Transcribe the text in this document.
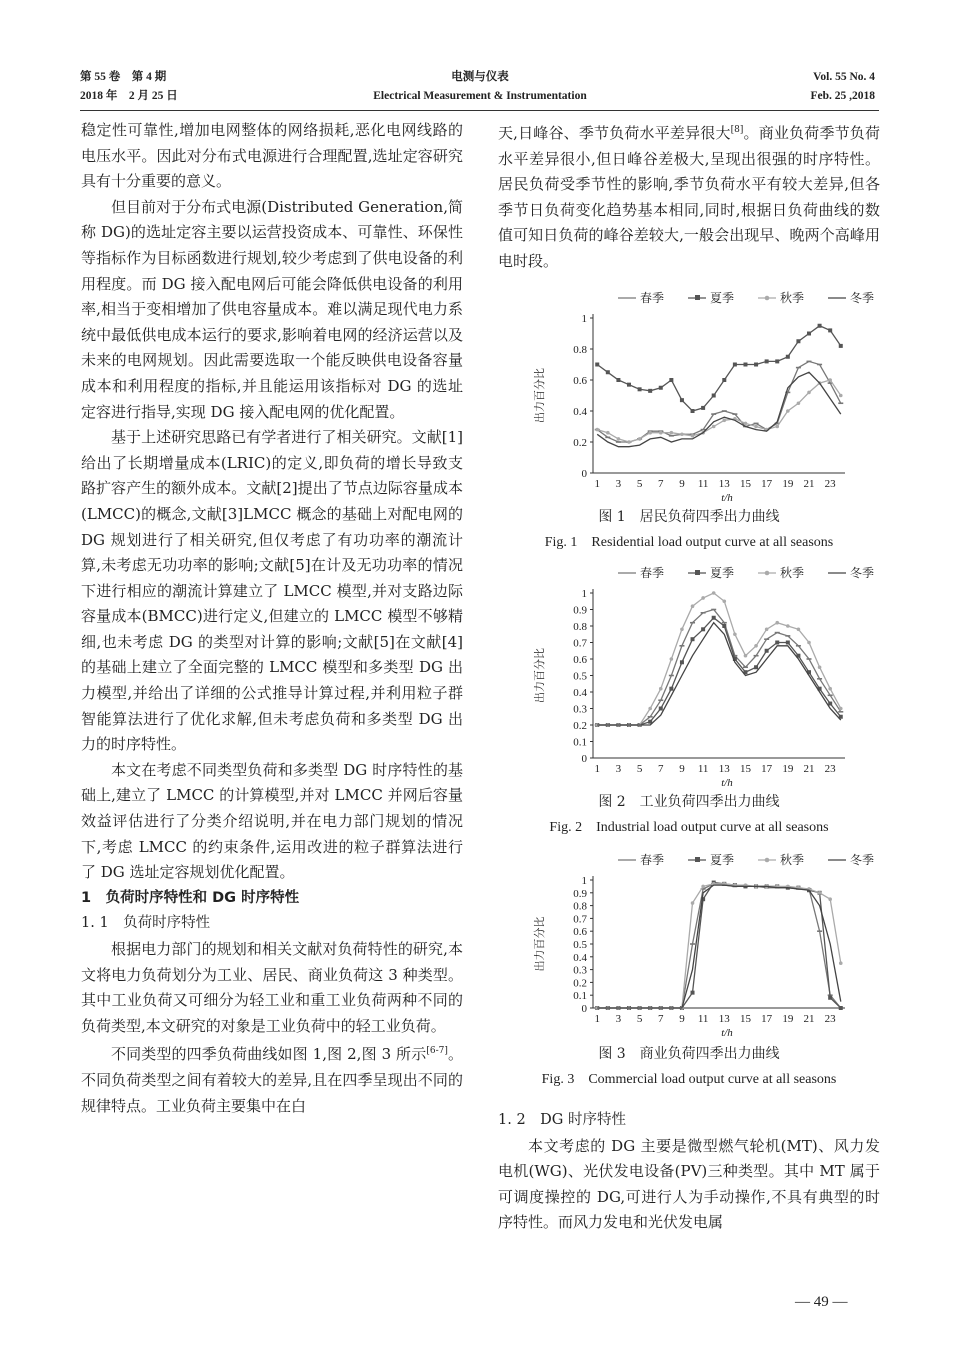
第 55 卷　第 4 期
2018 年　2 月 25 日
电测与仪表
Electrical Measurement & Instrumentation
Vol. 55 No. 4
Feb. 25 ,2018

稳定性可靠性,增加电网整体的网络损耗,恶化电网线路的电压水平。因此对分布式电源进行合理配置,选址定容研究具有十分重要的意义。

但目前对于分布式电源(Distributed Generation,简称 DG)的选址定容主要以运营投资成本、可靠性、环保性等指标作为目标函数进行规划,较少考虑到了供电设备的利用程度。而 DG 接入配电网后可能会降低供电设备的利用率,相当于变相增加了供电容量成本。难以满足现代电力系统中最低供电成本运行的要求,影响着电网的经济运营以及未来的电网规划。因此需要选取一个能反映供电设备容量成本和利用程度的指标,并且能运用该指标对 DG 的选址定容进行指导,实现 DG 接入配电网的优化配置。

基于上述研究思路已有学者进行了相关研究。文献[1]给出了长期增量成本(LRIC)的定义,即负荷的增长导致支路扩容产生的额外成本。文献[2]提出了节点边际容量成本(LMCC)的概念,文献[3]LMCC 概念的基础上对配电网的 DG 规划进行了相关研究,但仅考虑了有功功率的潮流计算,未考虑无功功率的影响;文献[5]在计及无功功率的情况下进行相应的潮流计算建立了 LMCC 模型,并对支路边际容量成本(BMCC)进行定义,但建立的 LMCC 模型不够精细,也未考虑 DG 的类型对计算的影响;文献[5]在文献[4]的基础上建立了全面完整的 LMCC 模型和多类型 DG 出力模型,并给出了详细的公式推导计算过程,并利用粒子群智能算法进行了优化求解,但未考虑负荷和多类型 DG 出力的时序特性。

本文在考虑不同类型负荷和多类型 DG 时序特性的基础上,建立了 LMCC 的计算模型,并对 LMCC 并网后容量效益评估进行了分类介绍说明,并在电力部门规划的情况下,考虑 LMCC 的约束条件,运用改进的粒子群算法进行了 DG 选址定容规划优化配置。

1　负荷时序特性和 DG 时序特性

1. 1　负荷时序特性

根据电力部门的规划和相关文献对负荷特性的研究,本文将电力负荷划分为工业、居民、商业负荷这 3 种类型。其中工业负荷又可细分为轻工业和重工业负荷两种不同的负荷类型,本文研究的对象是工业负荷中的轻工业负荷。

不同类型的四季负荷曲线如图 1,图 2,图 3 所示[6-7]。不同负荷类型之间有着较大的差异,且在四季呈现出不同的规律特点。工业负荷主要集中在白

天,日峰谷、季节负荷水平差异很大[8]。商业负荷季节负荷水平差异很小,但日峰谷差极大,呈现出很强的时序特性。居民负荷受季节性的影响,季节负荷水平有较大差异,但各季节日负荷变化趋势基本相同,同时,根据日负荷曲线的数值可知日负荷的峰谷差较大,一般会出现早、晚两个高峰用电时段。

春季	夏季	秋季	冬季
0
0.2
0.4
0.6
0.8
1
1 3 5 7 9 11 13 15 17 19 21 23
t/h
出力百分比
图 1　居民负荷四季出力曲线
Fig. 1　Residential load output curve at all seasons
春季	夏季	秋季	冬季
0
0.1
0.2
0.3
0.4
0.5
0.6
0.7
0.8
0.9
1
1 3 5 7 9 11 13 15 17 19 21 23
t/h
出力百分比
图 2　工业负荷四季出力曲线
Fig. 2　Industrial load output curve at all seasons
春季	夏季	秋季	冬季
0
0.1
0.2
0.3
0.4
0.5
0.6
0.7
0.8
0.9
1
1 3 5 7 9 11 13 15 17 19 21 23
t/h
出力百分比
图 3　商业负荷四季出力曲线
Fig. 3　Commercial load output curve at all seasons

1. 2　DG 时序特性

本文考虑的 DG 主要是微型燃气轮机(MT)、风力发电机(WG)、光伏发电设备(PV)三种类型。其中 MT 属于可调度操控的 DG,可进行人为手动操作,不具有典型的时序特性。而风力发电和光伏发电属

— 49 —
